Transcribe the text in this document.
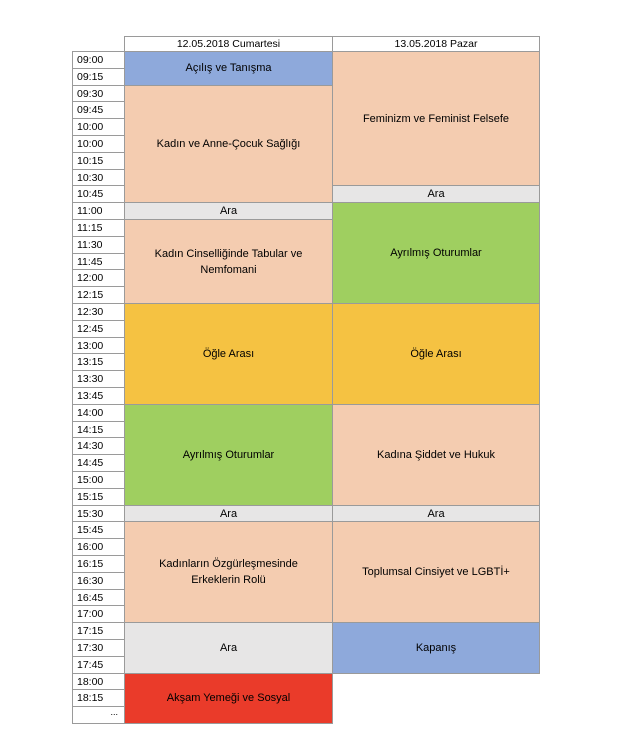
12.05.2018 Cumartesi	13.05.2018 Pazar
09:00
09:15
09:30
09:45
10:00
10:00
10:15
10:30
10:45
11:00
11:15
11:30
11:45
12:00
12:15
12:30
12:45
13:00
13:15
13:30
13:45
14:00
14:15
14:30
14:45
15:00
15:15
15:30
15:45
16:00
16:15
16:30
16:45
17:00
17:15
17:30
17:45
18:00
18:15
...
Açılış ve Tanışma
Kadın ve Anne-Çocuk Sağlığı
Ara
Kadın Cinselliğinde Tabular ve Nemfomani
Öğle Arası
Ayrılmış Oturumlar
Ara
Kadınların Özgürleşmesinde Erkeklerin Rolü
Ara
Akşam Yemeği ve Sosyal
Feminizm ve Feminist Felsefe
Ara
Ayrılmış Oturumlar
Öğle Arası
Kadına Şiddet ve Hukuk
Ara
Toplumsal Cinsiyet ve LGBTİ+
Kapanış
